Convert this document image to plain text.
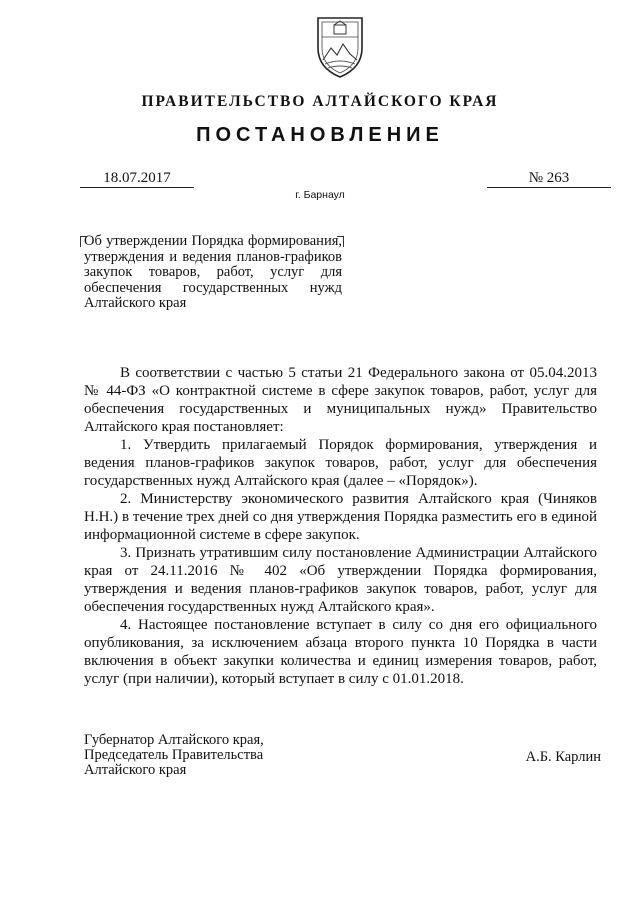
ПРАВИТЕЛЬСТВО АЛТАЙСКОГО КРАЯ
ПОСТАНОВЛЕНИЕ
18.07.2017	№ 263
г. Барнаул
Об утверждении Порядка формирования, утверждения и ведения планов-графиков закупок товаров, работ, услуг для обеспечения государственных нужд Алтайского края

В соответствии с частью 5 статьи 21 Федерального закона от 05.04.2013 № 44-ФЗ «О контрактной системе в сфере закупок товаров, работ, услуг для обеспечения государственных и муниципальных нужд» Правительство Алтайского края постановляет:

1. Утвердить прилагаемый Порядок формирования, утверждения и ведения планов-графиков закупок товаров, работ, услуг для обеспечения государственных нужд Алтайского края (далее – «Порядок»).

2. Министерству экономического развития Алтайского края (Чиняков Н.Н.) в течение трех дней со дня утверждения Порядка разместить его в единой информационной системе в сфере закупок.

3. Признать утратившим силу постановление Администрации Алтайского края от 24.11.2016 № 402 «Об утверждении Порядка формирования, утверждения и ведения планов-графиков закупок товаров, работ, услуг для обеспечения государственных нужд Алтайского края».

4. Настоящее постановление вступает в силу со дня его официального опубликования, за исключением абзаца второго пункта 10 Порядка в части включения в объект закупки количества и единиц измерения товаров, работ, услуг (при наличии), который вступает в силу с 01.01.2018.

Губернатор Алтайского края,
Председатель Правительства
Алтайского края
А.Б. Карлин
